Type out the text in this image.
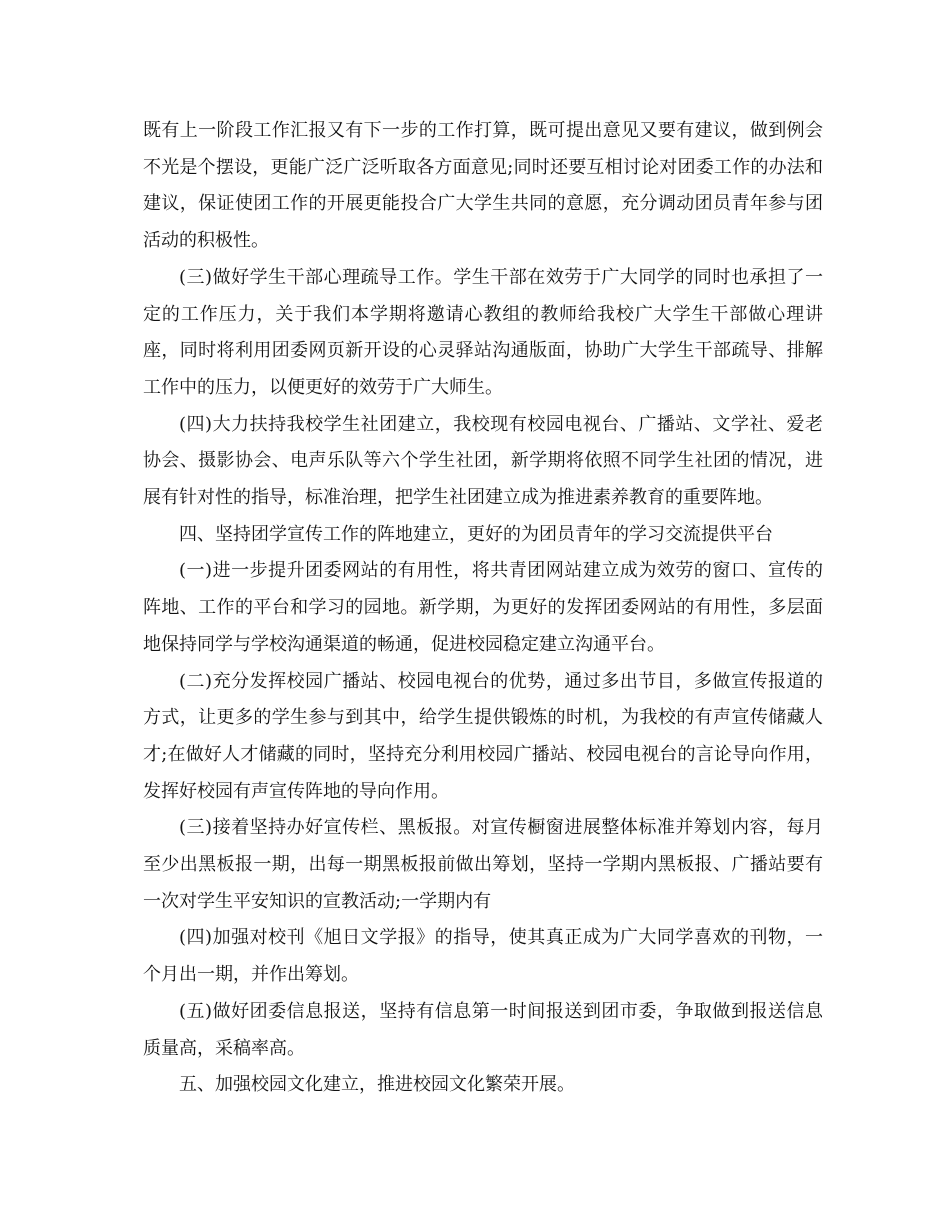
既有上一阶段工作汇报又有下一步的工作打算，既可提出意见又要有建议，做到例会不光是个摆设，更能广泛广泛听取各方面意见;同时还要互相讨论对团委工作的办法和建议，保证使团工作的开展更能投合广大学生共同的意愿，充分调动团员青年参与团活动的积极性。

(三)做好学生干部心理疏导工作。学生干部在效劳于广大同学的同时也承担了一定的工作压力，关于我们本学期将邀请心教组的教师给我校广大学生干部做心理讲座，同时将利用团委网页新开设的心灵驿站沟通版面，协助广大学生干部疏导、排解工作中的压力，以便更好的效劳于广大师生。

(四)大力扶持我校学生社团建立，我校现有校园电视台、广播站、文学社、爱老协会、摄影协会、电声乐队等六个学生社团，新学期将依照不同学生社团的情况，进展有针对性的指导，标准治理，把学生社团建立成为推进素养教育的重要阵地。

四、坚持团学宣传工作的阵地建立，更好的为团员青年的学习交流提供平台

(一)进一步提升团委网站的有用性，将共青团网站建立成为效劳的窗口、宣传的阵地、工作的平台和学习的园地。新学期，为更好的发挥团委网站的有用性，多层面地保持同学与学校沟通渠道的畅通，促进校园稳定建立沟通平台。

(二)充分发挥校园广播站、校园电视台的优势，通过多出节目，多做宣传报道的方式，让更多的学生参与到其中，给学生提供锻炼的时机，为我校的有声宣传储藏人才;在做好人才储藏的同时，坚持充分利用校园广播站、校园电视台的言论导向作用，发挥好校园有声宣传阵地的导向作用。

(三)接着坚持办好宣传栏、黑板报。对宣传橱窗进展整体标准并筹划内容，每月至少出黑板报一期，出每一期黑板报前做出筹划，坚持一学期内黑板报、广播站要有一次对学生平安知识的宣教活动;一学期内有

(四)加强对校刊《旭日文学报》的指导，使其真正成为广大同学喜欢的刊物，一个月出一期，并作出筹划。

(五)做好团委信息报送，坚持有信息第一时间报送到团市委，争取做到报送信息质量高，采稿率高。

五、加强校园文化建立，推进校园文化繁荣开展。
